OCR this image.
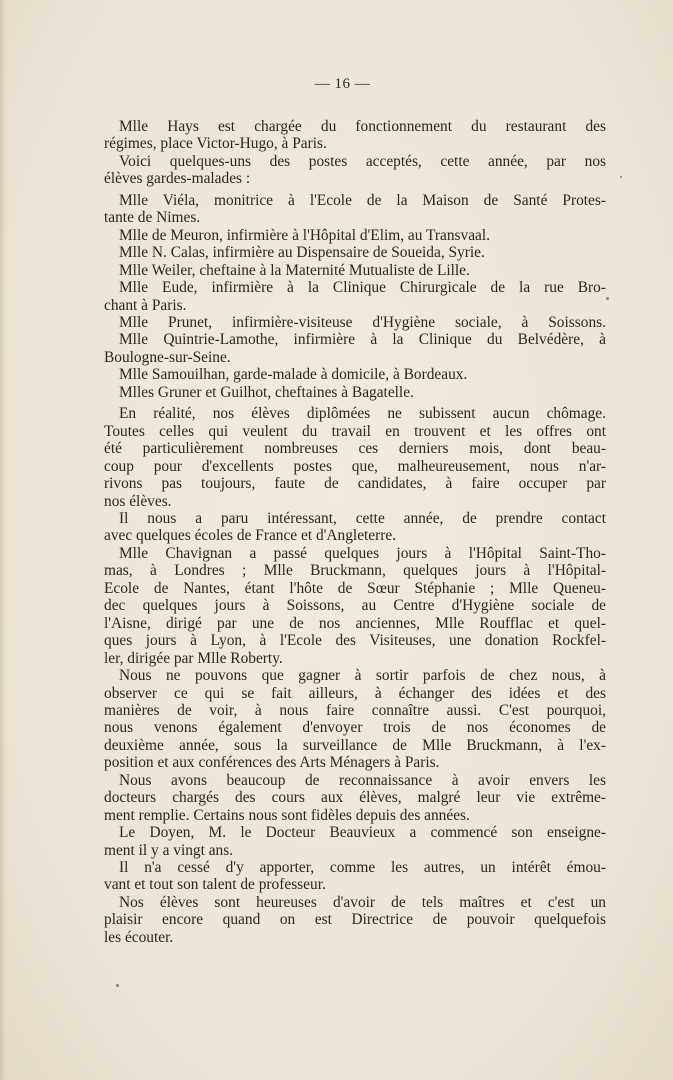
— 16 —
Mlle Hays est chargée du fonctionnement du restaurant des
régimes, place Victor-Hugo, à Paris.
Voici quelques-uns des postes acceptés, cette année, par nos
élèves gardes-malades :
Mlle Viéla, monitrice à l'Ecole de la Maison de Santé Protes-
tante de Nimes.
Mlle de Meuron, infirmière à l'Hôpital d'Elim, au Transvaal.
Mlle N. Calas, infirmière au Dispensaire de Soueida, Syrie.
Mlle Weiler, cheftaine à la Maternité Mutualiste de Lille.
Mlle Eude, infirmière à la Clinique Chirurgicale de la rue Bro-
chant à Paris.
Mlle Prunet, infirmière-visiteuse d'Hygiène sociale, à Soissons.
Mlle Quintrie-Lamothe, infirmière à la Clinique du Belvédère, à
Boulogne-sur-Seine.
Mlle Samouilhan, garde-malade à domicile, à Bordeaux.
Mlles Gruner et Guilhot, cheftaines à Bagatelle.
En réalité, nos élèves diplômées ne subissent aucun chômage.
Toutes celles qui veulent du travail en trouvent et les offres ont
été particulièrement nombreuses ces derniers mois, dont beau-
coup pour d'excellents postes que, malheureusement, nous n'ar-
rivons pas toujours, faute de candidates, à faire occuper par
nos élèves.
Il nous a paru intéressant, cette année, de prendre contact
avec quelques écoles de France et d'Angleterre.
Mlle Chavignan a passé quelques jours à l'Hôpital Saint-Tho-
mas, à Londres ; Mlle Bruckmann, quelques jours à l'Hôpital-
Ecole de Nantes, étant l'hôte de Sœur Stéphanie ; Mlle Queneu-
dec quelques jours à Soissons, au Centre d'Hygiène sociale de
l'Aisne, dirigé par une de nos anciennes, Mlle Roufflac et quel-
ques jours à Lyon, à l'Ecole des Visiteuses, une donation Rockfel-
ler, dirigée par Mlle Roberty.
Nous ne pouvons que gagner à sortir parfois de chez nous, à
observer ce qui se fait ailleurs, à échanger des idées et des
manières de voir, à nous faire connaître aussi. C'est pourquoi,
nous venons également d'envoyer trois de nos économes de
deuxième année, sous la surveillance de Mlle Bruckmann, à l'ex-
position et aux conférences des Arts Ménagers à Paris.
Nous avons beaucoup de reconnaissance à avoir envers les
docteurs chargés des cours aux élèves, malgré leur vie extrême-
ment remplie. Certains nous sont fidèles depuis des années.
Le Doyen, M. le Docteur Beauvieux a commencé son enseigne-
ment il y a vingt ans.
Il n'a cessé d'y apporter, comme les autres, un intérêt émou-
vant et tout son talent de professeur.
Nos élèves sont heureuses d'avoir de tels maîtres et c'est un
plaisir encore quand on est Directrice de pouvoir quelquefois
les écouter.
